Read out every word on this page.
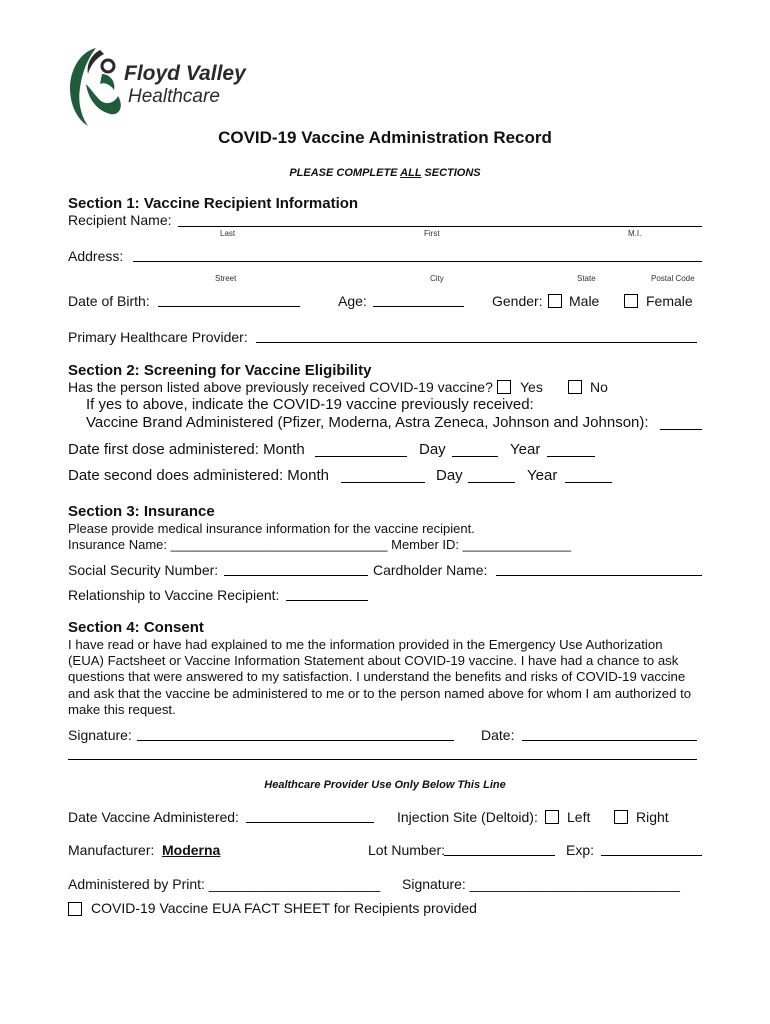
Floyd Valley
Healthcare
COVID-19 Vaccine Administration Record
PLEASE COMPLETE ALL SECTIONS
Section 1: Vaccine Recipient Information
Recipient Name:
Last	First	M.I.
Address:
Street	City	State	Postal Code
Date of Birth:	Age:	Gender: Male	Female
Primary Healthcare Provider:
Section 2: Screening for Vaccine Eligibility
Has the person listed above previously received COVID-19 vaccine? Yes	No
If yes to above, indicate the COVID-19 vaccine previously received:
Vaccine Brand Administered (Pfizer, Moderna, Astra Zeneca, Johnson and Johnson):
Date first dose administered: Month	Day	Year
Date second does administered: Month	Day	Year
Section 3: Insurance
Please provide medical insurance information for the vaccine recipient.
Insurance Name: ______________________________ Member ID: _______________
Social Security Number:	Cardholder Name:
Relationship to Vaccine Recipient:
Section 4: Consent
I have read or have had explained to me the information provided in the Emergency Use Authorization (EUA) Factsheet or Vaccine Information Statement about COVID-19 vaccine. I have had a chance to ask questions that were answered to my satisfaction. I understand the benefits and risks of COVID-19 vaccine and ask that the vaccine be administered to me or to the person named above for whom I am authorized to make this request.
Signature:	Date:
Healthcare Provider Use Only Below This Line
Date Vaccine Administered:	Injection Site (Deltoid): Left	Right
Manufacturer: Moderna	Lot Number:	Exp:
Administered by Print: ______________________ Signature: ___________________________
COVID-19 Vaccine EUA FACT SHEET for Recipients provided
